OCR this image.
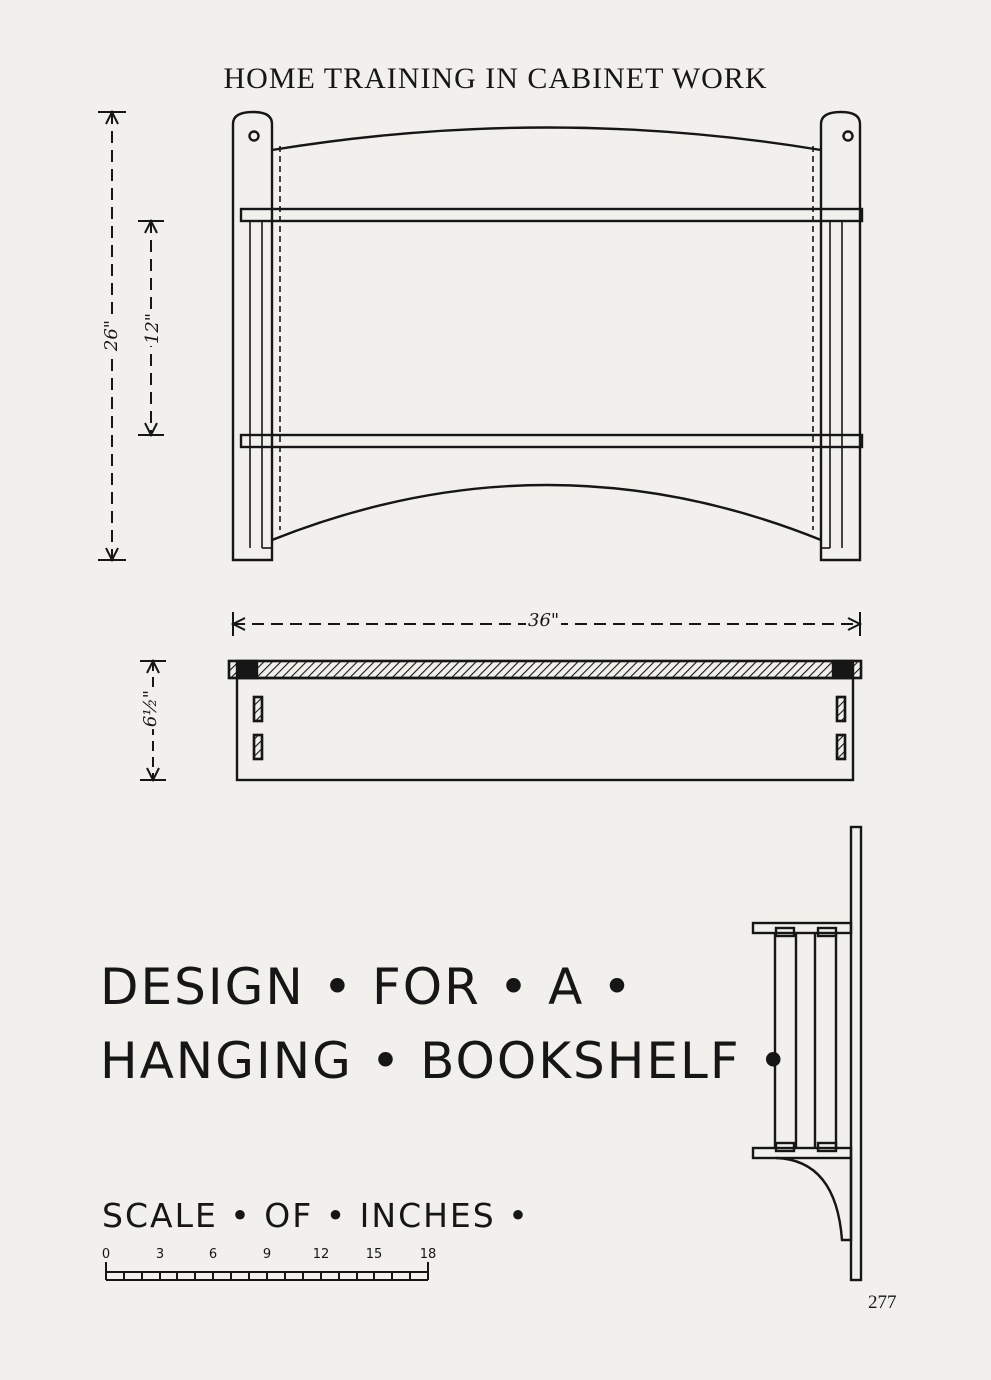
HOME TRAINING IN CABINET WORK
0	3	6	9	12	15	18
26" 12"
36"
6½"
DESIGN • FOR • A •
HANGING • BOOKSHELF •
SCALE • OF • INCHES •
277
